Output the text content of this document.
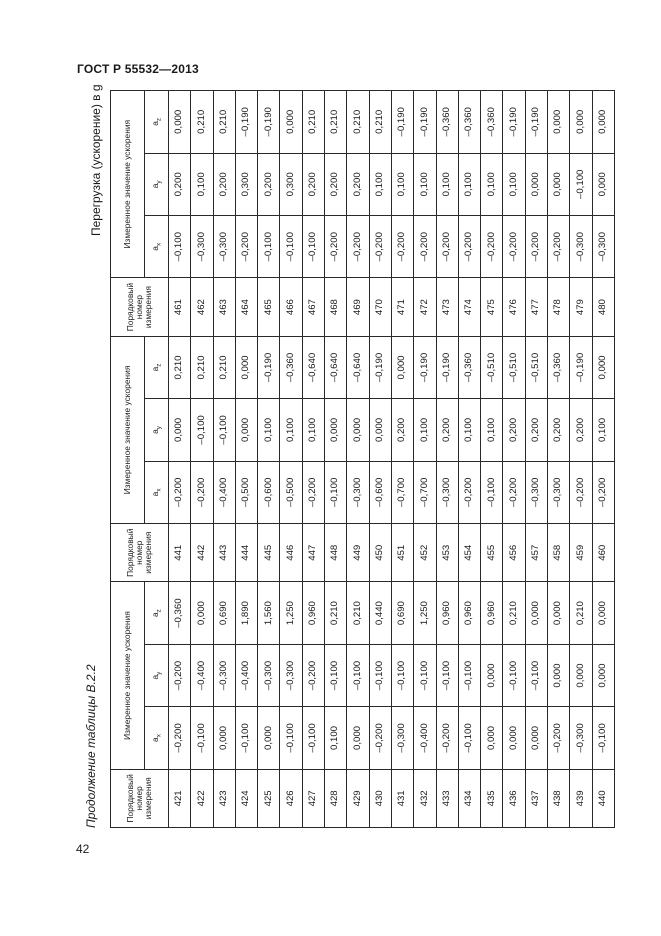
ГОСТ Р 55532—2013
Продолжение таблицы В.2.2
Перегрузка (ускорение) в g
42
Порядковый номер измерения	Измеренное значение ускорения			Порядковый номер измерения	Измеренное значение ускорения			Порядковый номер измерения	Измеренное значение ускорения		
	$a_x$	$a_y$	$a_z$		$a_x$	$a_y$	$a_z$		$a_x$	$a_y$	$a_z$
421	–0,200	–0,200	–0,360	441	–0,200	0,000	0,210	461	–0,100	0,200	0,000
422	–0,100	–0,400	0,000	442	–0,200	–0,100	0,210	462	–0,300	0,100	0,210
423	0,000	–0,300	0,690	443	–0,400	–0,100	0,210	463	–0,300	0,200	0,210
424	–0,100	–0,400	1,890	444	–0,500	0,000	0,000	464	–0,200	0,300	–0,190
425	0,000	–0,300	1,560	445	–0,600	0,100	–0,190	465	–0,100	0,200	–0,190
426	–0,100	–0,300	1,250	446	–0,500	0,100	–0,360	466	–0,100	0,300	0,000
427	–0,100	–0,200	0,960	447	–0,200	0,100	–0,640	467	–0,100	0,200	0,210
428	0,100	–0,100	0,210	448	–0,100	0,000	–0,640	468	–0,200	0,200	0,210
429	0,000	–0,100	0,210	449	–0,300	0,000	–0,640	469	–0,200	0,200	0,210
430	–0,200	–0,100	0,440	450	–0,600	0,000	–0,190	470	–0,200	0,100	0,210
431	–0,300	–0,100	0,690	451	–0,700	0,200	0,000	471	–0,200	0,100	–0,190
432	–0,400	–0,100	1,250	452	–0,700	0,100	–0,190	472	–0,200	0,100	–0,190
433	–0,200	–0,100	0,960	453	–0,300	0,200	–0,190	473	–0,200	0,100	–0,360
434	–0,100	–0,100	0,960	454	–0,200	0,100	–0,360	474	–0,200	0,100	–0,360
435	0,000	0,000	0,960	455	–0,100	0,100	–0,510	475	–0,200	0,100	–0,360
436	0,000	–0,100	0,210	456	–0,200	0,200	–0,510	476	–0,200	0,100	–0,190
437	0,000	–0,100	0,000	457	–0,300	0,200	–0,510	477	–0,200	0,000	–0,190
438	–0,200	0,000	0,000	458	–0,300	0,200	–0,360	478	–0,200	0,000	0,000
439	–0,300	0,000	0,210	459	–0,200	0,200	–0,190	479	–0,300	–0,100	0,000
440	–0,100	0,000	0,000	460	–0,200	0,100	0,000	480	–0,300	0,000	0,000
